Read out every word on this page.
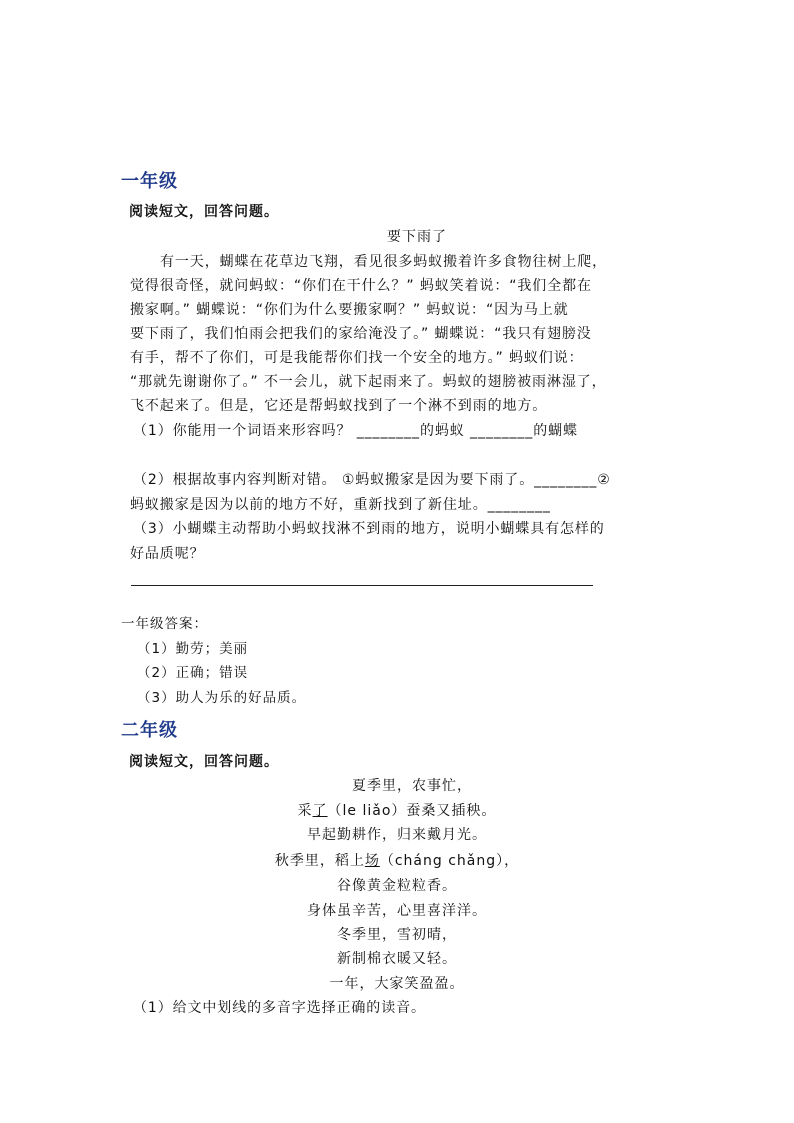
一年级
阅读短文，回答问题。
要下雨了
有一天，蝴蝶在花草边飞翔，看见很多蚂蚁搬着许多食物往树上爬，
觉得很奇怪，就问蚂蚁：“你们在干什么？” 蚂蚁笑着说：“我们全都在
搬家啊。” 蝴蝶说：“你们为什么要搬家啊？” 蚂蚁说：“因为马上就
要下雨了，我们怕雨会把我们的家给淹没了。” 蝴蝶说：“我只有翅膀没
有手，帮不了你们，可是我能帮你们找一个安全的地方。” 蚂蚁们说：
“那就先谢谢你了。” 不一会儿，就下起雨来了。蚂蚁的翅膀被雨淋湿了，
飞不起来了。但是，它还是帮蚂蚁找到了一个淋不到雨的地方。
（1）你能用一个词语来形容吗？ ________的蚂蚁 ________的蝴蝶
（2）根据故事内容判断对错。 ①蚂蚁搬家是因为要下雨了。________②
蚂蚁搬家是因为以前的地方不好，重新找到了新住址。________
（3）小蝴蝶主动帮助小蚂蚁找淋不到雨的地方，说明小蝴蝶具有怎样的
好品质呢？
一年级答案：
（1）勤劳；美丽
（2）正确；错误
（3）助人为乐的好品质。
二年级
阅读短文，回答问题。
夏季里，农事忙，
采了（le liǎo）蚕桑又插秧。
早起勤耕作，归来戴月光。
秋季里，稻上场（cháng chǎng），
谷像黄金粒粒香。
身体虽辛苦，心里喜洋洋。
冬季里，雪初晴，
新制棉衣暖又轻。
一年，大家笑盈盈。
（1）给文中划线的多音字选择正确的读音。
